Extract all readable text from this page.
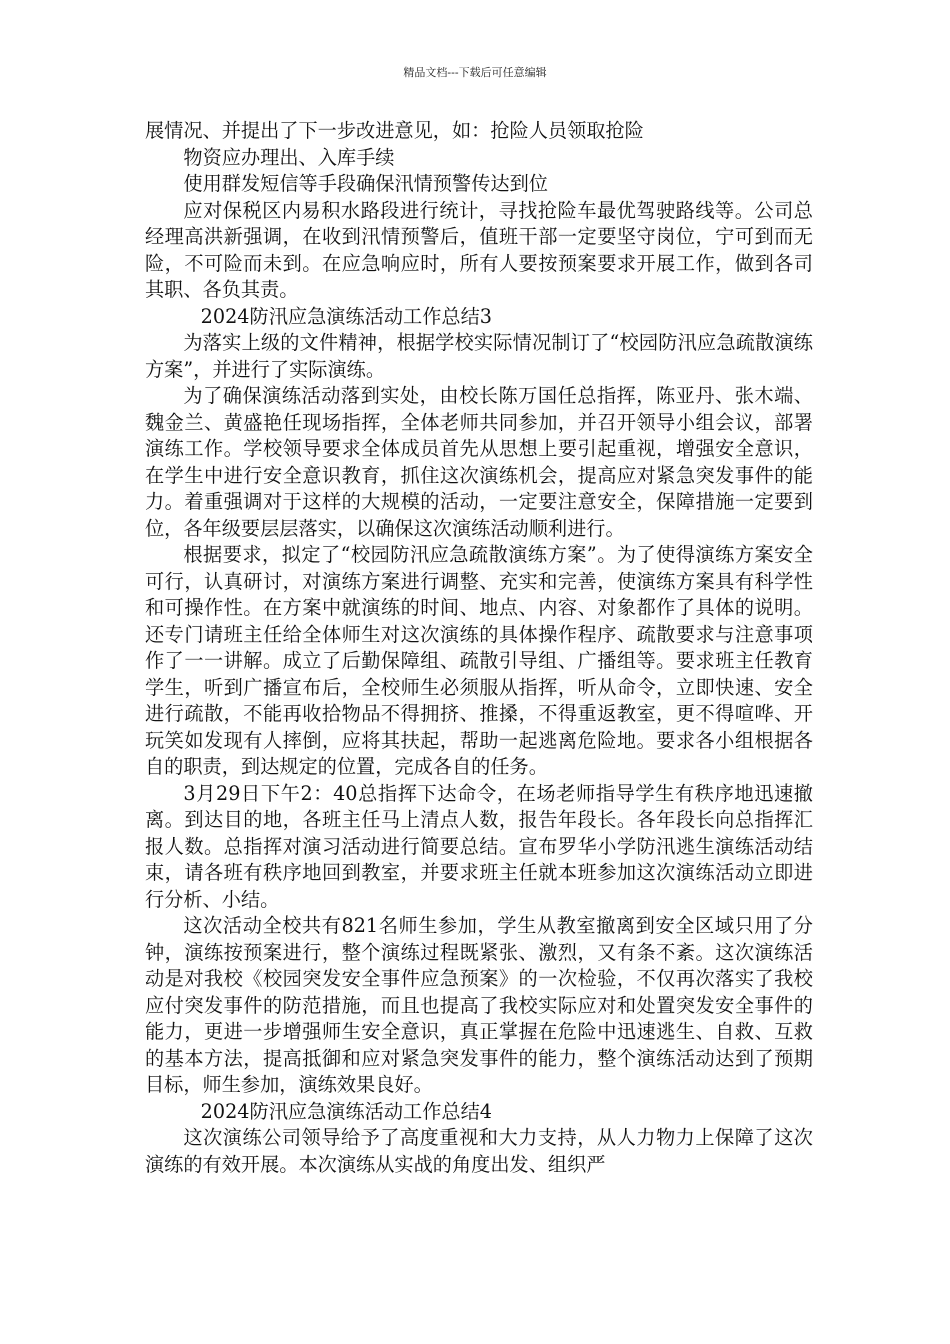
精品文档---下载后可任意编辑

展情况、并提出了下一步改进意见，如：抢险人员领取抢险

物资应办理出、入库手续

使用群发短信等手段确保汛情预警传达到位

应对保税区内易积水路段进行统计，寻找抢险车最优驾驶路线等。公司总经理高洪新强调，在收到汛情预警后，值班干部一定要坚守岗位，宁可到而无险，不可险而未到。在应急响应时，所有人要按预案要求开展工作，做到各司其职、各负其责。

2024防汛应急演练活动工作总结3

为落实上级的文件精神，根据学校实际情况制订了“校园防汛应急疏散演练方案”，并进行了实际演练。

为了确保演练活动落到实处，由校长陈万国任总指挥，陈亚丹、张木端、魏金兰、黄盛艳任现场指挥，全体老师共同参加，并召开领导小组会议，部署演练工作。学校领导要求全体成员首先从思想上要引起重视，增强安全意识，在学生中进行安全意识教育，抓住这次演练机会，提高应对紧急突发事件的能力。着重强调对于这样的大规模的活动，一定要注意安全，保障措施一定要到位，各年级要层层落实，以确保这次演练活动顺利进行。

根据要求，拟定了“校园防汛应急疏散演练方案”。为了使得演练方案安全可行，认真研讨，对演练方案进行调整、充实和完善，使演练方案具有科学性和可操作性。在方案中就演练的时间、地点、内容、对象都作了具体的说明。还专门请班主任给全体师生对这次演练的具体操作程序、疏散要求与注意事项作了一一讲解。成立了后勤保障组、疏散引导组、广播组等。要求班主任教育学生，听到广播宣布后，全校师生必须服从指挥，听从命令，立即快速、安全进行疏散，不能再收拾物品不得拥挤、推搡，不得重返教室，更不得喧哗、开玩笑如发现有人摔倒，应将其扶起，帮助一起逃离危险地。要求各小组根据各自的职责，到达规定的位置，完成各自的任务。

3月29日下午2：40总指挥下达命令，在场老师指导学生有秩序地迅速撤离。到达目的地，各班主任马上清点人数，报告年段长。各年段长向总指挥汇报人数。总指挥对演习活动进行简要总结。宣布罗华小学防汛逃生演练活动结束，请各班有秩序地回到教室，并要求班主任就本班参加这次演练活动立即进行分析、小结。

这次活动全校共有821名师生参加，学生从教室撤离到安全区域只用了分钟，演练按预案进行，整个演练过程既紧张、激烈，又有条不紊。这次演练活动是对我校《校园突发安全事件应急预案》的一次检验，不仅再次落实了我校应付突发事件的防范措施，而且也提高了我校实际应对和处置突发安全事件的能力，更进一步增强师生安全意识，真正掌握在危险中迅速逃生、自救、互救的基本方法，提高抵御和应对紧急突发事件的能力，整个演练活动达到了预期目标，师生参加，演练效果良好。

2024防汛应急演练活动工作总结4

这次演练公司领导给予了高度重视和大力支持，从人力物力上保障了这次演练的有效开展。本次演练从实战的角度出发、组织严
